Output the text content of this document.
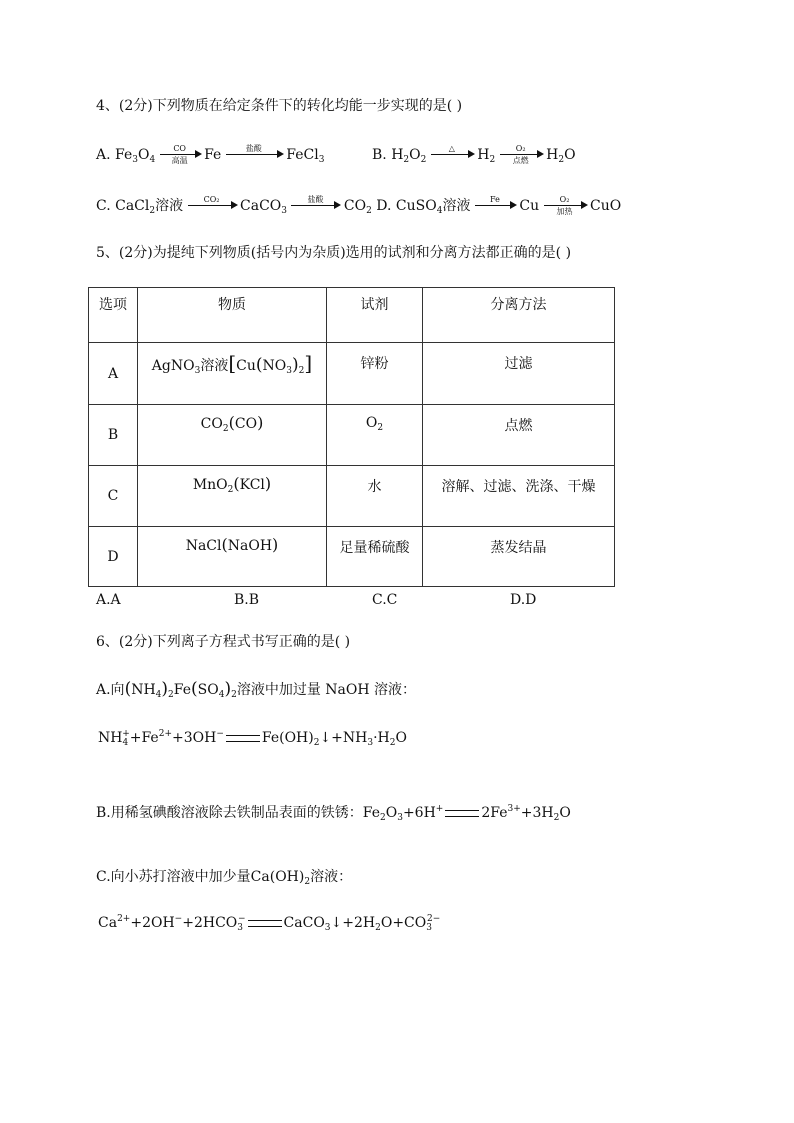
4、(2分)下列物质在给定条件下的转化均能一步实现的是( )
A. $Fe_3O_4$
CO
高温	Fe	盐酸	FeCl$_3$	B. $H_2O_2$
△	$H_2$
O₂
点燃	$H_2O$
C. CaCl$_2$溶液	CO₂	CaCO$_3$
盐酸	$CO_2$ D. CuSO$_4$溶液	Fe	Cu	O₂
加热	CuO
5、(2分)为提纯下列物质(括号内为杂质)选用的试剂和分离方法都正确的是( )
选项	物质	试剂	分离方法
A	AgNO$_3$溶液$[Cu(NO_3)_2]$	锌粉	过滤
B	$CO_2(CO)$	$O_2$	点燃
C	MnO$_2$(KCl)	水	溶解、过滤、洗涤、干燥
D	NaCl(NaOH)	足量稀硫酸	蒸发结晶
A.A	B.B	C.C	D.D
6、(2分)下列离子方程式书写正确的是( )
A.向$(NH_4)_2Fe(SO_4)_2$溶液中加过量 NaOH 溶液：
$NH_4^++Fe^{2+}+3OH^-$	$Fe(OH)_2↓+NH_3\cdot H_2O$
B.用稀氢碘酸溶液除去铁制品表面的铁锈：$Fe_2O_3+6H^+$	$2Fe^{3+}+3H_2O$
C.向小苏打溶液中加少量$Ca(OH)_2$溶液：
$Ca^{2+}+2OH^-+2HCO_3^-$	$CaCO_3↓+2H_2O+CO_3^{2-}$
